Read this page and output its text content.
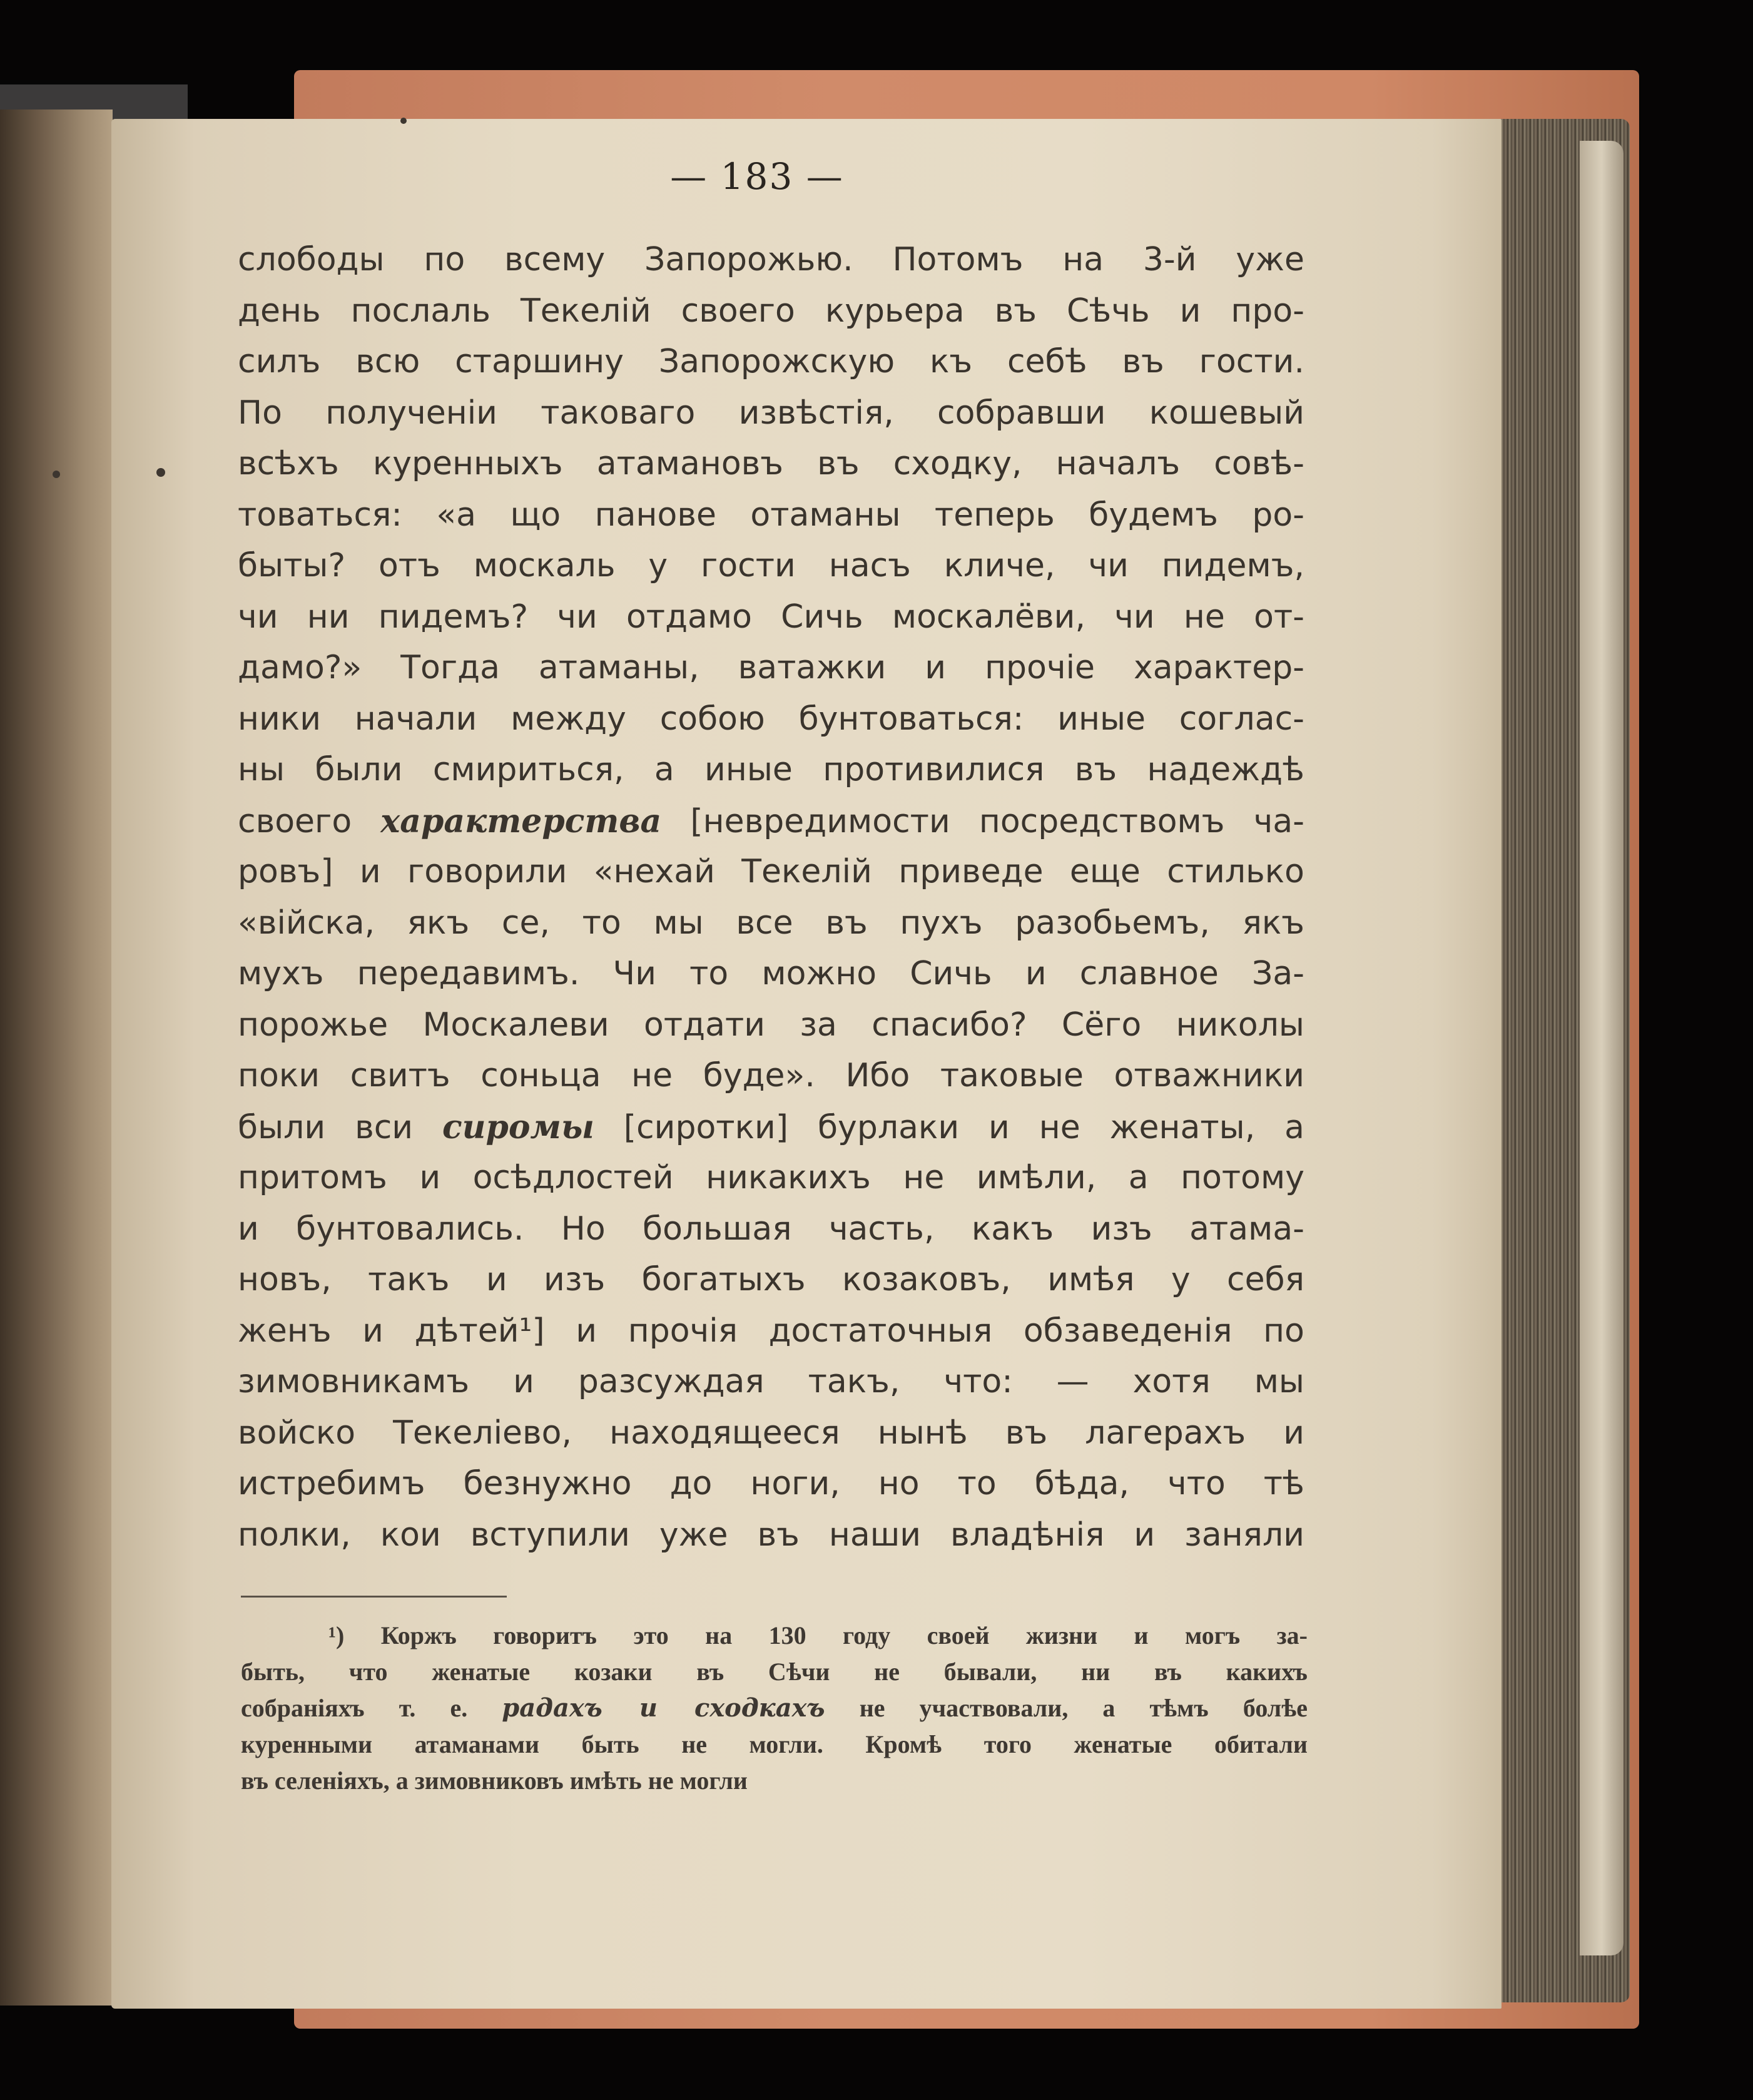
— 183 —
слободы по всему Запорожью. Потомъ на 3-й уже
день послаль Текелій своего курьера въ Сѣчь и про-
силъ всю старшину Запорожскую къ себѣ въ гости.
По полученіи таковаго извѣстія, собравши кошевый
всѣхъ куренныхъ атамановъ въ сходку, началъ совѣ-
товаться: «а що панове отаманы теперь будемъ ро-
быты? отъ москаль у гости насъ кличе, чи пидемъ,
чи ни пидемъ? чи отдамо Сичь москалёви, чи не от-
дамо?» Тогда атаманы, ватажки и прочіе характер-
ники начали между собою бунтоваться: иные соглас-
ны были смириться, а иные противилися въ надеждѣ
своего характерства [невредимости посредствомъ ча-
ровъ] и говорили «нехай Текелій приведе еще стилько
«війска, якъ се, то мы все въ пухъ разобьемъ, якъ
мухъ передавимъ. Чи то можно Сичь и славное За-
порожье Москалеви отдати за спасибо? Сёго николы
поки свитъ соньца не буде». Ибо таковые отважники
были вси сиромы [сиротки] бурлаки и не женаты, а
притомъ и осѣдлостей никакихъ не имѣли, а потому
и бунтовались. Но большая часть, какъ изъ атама-
новъ, такъ и изъ богатыхъ козаковъ, имѣя у себя
женъ и дѣтей¹] и прочія достаточныя обзаведенія по
зимовникамъ и разсуждая такъ, что: — хотя мы
войско Текеліево, находящееся нынѣ въ лагерахъ и
истребимъ безнужно до ноги, но то бѣда, что тѣ
полки, кои вступили уже въ наши владѣнія и заняли
¹) Коржъ говоритъ это на 130 году своей жизни и могъ за-
быть, что женатые козаки въ Сѣчи не бывали, ни въ какихъ
собраніяхъ т. е. радахъ и сходкахъ не участвовали, а тѣмъ болѣе
куренными атаманами быть не могли. Кромѣ того женатые обитали
въ селеніяхъ, а зимовниковъ имѣть не могли
